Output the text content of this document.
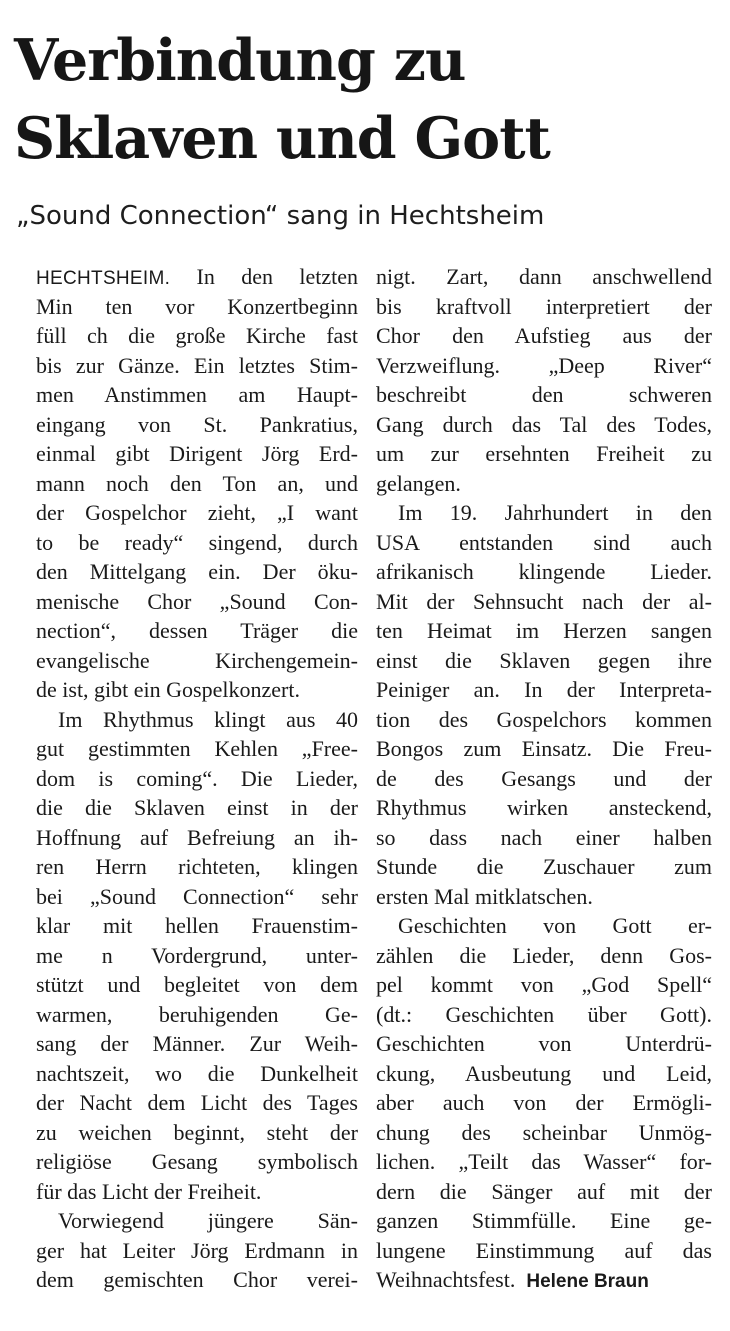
Verbindung zu
Sklaven und Gott
„Sound Connection“ sang in Hechtsheim
HECHTSHEIM. In den letzten
Min ten vor Konzertbeginn
füll ch die große Kirche fast
bis zur Gänze. Ein letztes Stim-
men Anstimmen am Haupt-
eingang von St. Pankratius,
einmal gibt Dirigent Jörg Erd-
mann noch den Ton an, und
der Gospelchor zieht, „I want
to be ready“ singend, durch
den Mittelgang ein. Der öku-
menische Chor „Sound Con-
nection“, dessen Träger die
evangelische Kirchengemein-
de ist, gibt ein Gospelkonzert.
Im Rhythmus klingt aus 40
gut gestimmten Kehlen „Free-
dom is coming“. Die Lieder,
die die Sklaven einst in der
Hoffnung auf Befreiung an ih-
ren Herrn richteten, klingen
bei „Sound Connection“ sehr
klar mit hellen Frauenstim-
me n Vordergrund, unter-
stützt und begleitet von dem
warmen, beruhigenden Ge-
sang der Männer. Zur Weih-
nachtszeit, wo die Dunkelheit
der Nacht dem Licht des Tages
zu weichen beginnt, steht der
religiöse Gesang symbolisch
für das Licht der Freiheit.
Vorwiegend jüngere Sän-
ger hat Leiter Jörg Erdmann in
dem gemischten Chor verei-
nigt. Zart, dann anschwellend
bis kraftvoll interpretiert der
Chor den Aufstieg aus der
Verzweiflung. „Deep River“
beschreibt den schweren
Gang durch das Tal des Todes,
um zur ersehnten Freiheit zu
gelangen.
Im 19. Jahrhundert in den
USA entstanden sind auch
afrikanisch klingende Lieder.
Mit der Sehnsucht nach der al-
ten Heimat im Herzen sangen
einst die Sklaven gegen ihre
Peiniger an. In der Interpreta-
tion des Gospelchors kommen
Bongos zum Einsatz. Die Freu-
de des Gesangs und der
Rhythmus wirken ansteckend,
so dass nach einer halben
Stunde die Zuschauer zum
ersten Mal mitklatschen.
Geschichten von Gott er-
zählen die Lieder, denn Gos-
pel kommt von „God Spell“
(dt.: Geschichten über Gott).
Geschichten von Unterdrü-
ckung, Ausbeutung und Leid,
aber auch von der Ermögli-
chung des scheinbar Unmög-
lichen. „Teilt das Wasser“ for-
dern die Sänger auf mit der
ganzen Stimmfülle. Eine ge-
lungene Einstimmung auf das
Weihnachtsfest. Helene Braun
